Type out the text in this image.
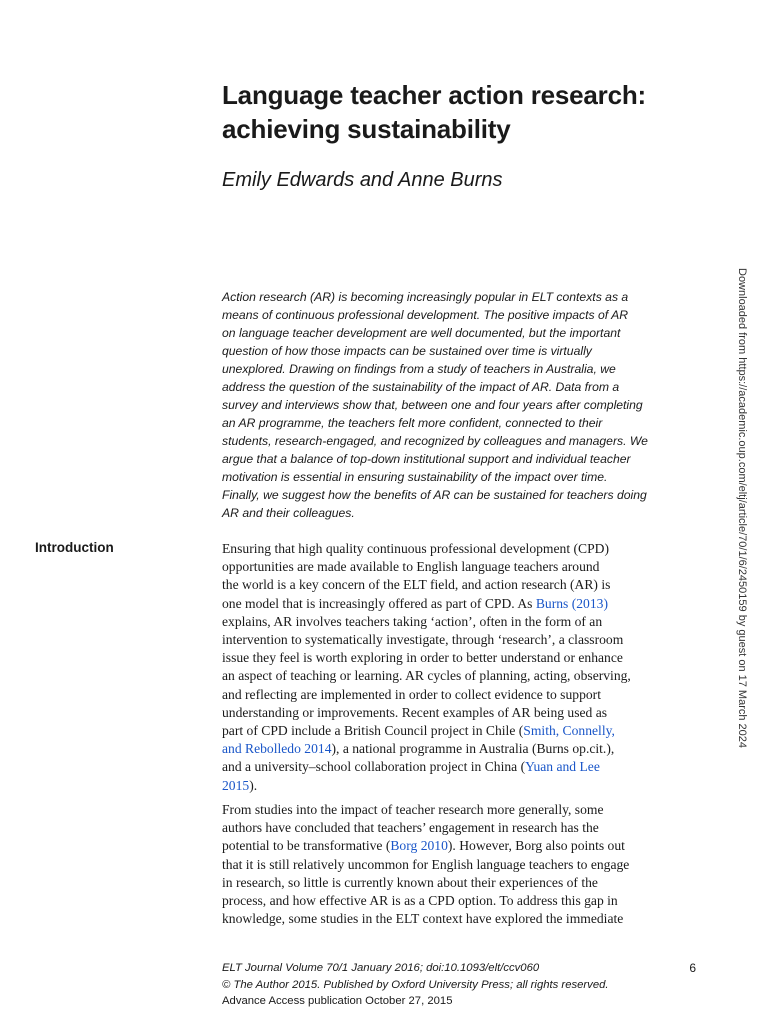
Language teacher action research:
achieving sustainability

Emily Edwards and Anne Burns

Action research (AR) is becoming increasingly popular in ELT contexts as a
means of continuous professional development. The positive impacts of AR
on language teacher development are well documented, but the important
question of how those impacts can be sustained over time is virtually
unexplored. Drawing on findings from a study of teachers in Australia, we
address the question of the sustainability of the impact of AR. Data from a
survey and interviews show that, between one and four years after completing
an AR programme, the teachers felt more confident, connected to their
students, research-engaged, and recognized by colleagues and managers. We
argue that a balance of top-down institutional support and individual teacher
motivation is essential in ensuring sustainability of the impact over time.
Finally, we suggest how the benefits of AR can be sustained for teachers doing
AR and their colleagues.
Introduction	Ensuring that high quality continuous professional development (CPD)
opportunities are made available to English language teachers around
the world is a key concern of the ELT field, and action research (AR) is
one model that is increasingly offered as part of CPD. As Burns (2013)
explains, AR involves teachers taking ‘action’, often in the form of an
intervention to systematically investigate, through ‘research’, a classroom
issue they feel is worth exploring in order to better understand or enhance
an aspect of teaching or learning. AR cycles of planning, acting, observing,
and reflecting are implemented in order to collect evidence to support
understanding or improvements. Recent examples of AR being used as
part of CPD include a British Council project in Chile (Smith, Connelly,
and Rebolledo 2014), a national programme in Australia (Burns op.cit.),
and a university–school collaboration project in China (Yuan and Lee
2015).
From studies into the impact of teacher research more generally, some
authors have concluded that teachers’ engagement in research has the
potential to be transformative (Borg 2010). However, Borg also points out
that it is still relatively uncommon for English language teachers to engage
in research, so little is currently known about their experiences of the
process, and how effective AR is as a CPD option. To address this gap in
knowledge, some studies in the ELT context have explored the immediate
Downloaded from https://academic.oup.com/eltj/article/70/1/6/2450159 by guest on 17 March 2024
ELT Journal Volume 70/1 January 2016; doi:10.1093/elt/ccv060
© The Author 2015. Published by Oxford University Press; all rights reserved.
Advance Access publication October 27, 2015
6
